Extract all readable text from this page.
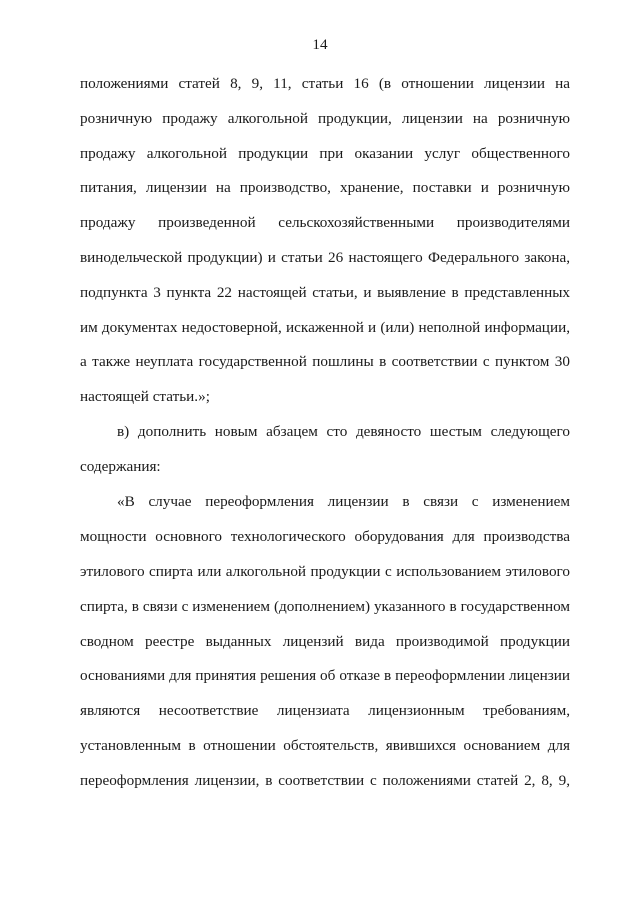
14
положениями статей 8, 9, 11, статьи 16 (в отношении лицензии на
розничную продажу алкогольной продукции, лицензии на розничную
продажу алкогольной продукции при оказании услуг общественного
питания, лицензии на производство, хранение, поставки и розничную
продажу произведенной сельскохозяйственными производителями
винодельческой продукции) и статьи 26 настоящего Федерального закона,
подпункта 3 пункта 22 настоящей статьи, и выявление в представленных
им документах недостоверной, искаженной и (или) неполной информации,
а также неуплата государственной пошлины в соответствии с пунктом 30
настоящей статьи.»;
в) дополнить новым абзацем сто девяносто шестым следующего
содержания:
«В случае переоформления лицензии в связи с изменением
мощности основного технологического оборудования для производства
этилового спирта или алкогольной продукции с использованием этилового
спирта, в связи с изменением (дополнением) указанного в государственном
сводном реестре выданных лицензий вида производимой продукции
основаниями для принятия решения об отказе в переоформлении лицензии
являются несоответствие лицензиата лицензионным требованиям,
установленным в отношении обстоятельств, явившихся основанием для
переоформления лицензии, в соответствии с положениями статей 2, 8, 9,
